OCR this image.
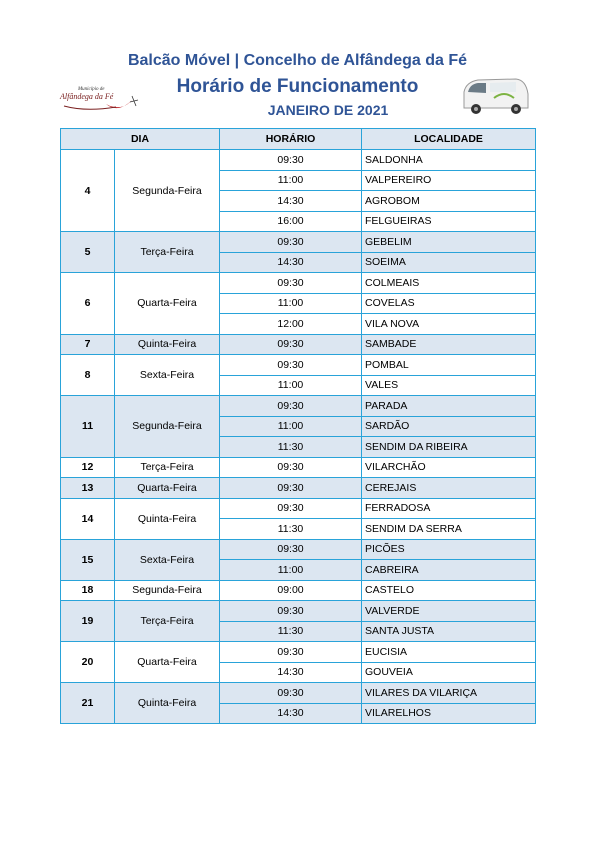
Balcão Móvel | Concelho de Alfândega da Fé
Município de
Alfândega da Fé	Horário de Funcionamento
JANEIRO DE 2021
DIA		HORÁRIO	LOCALIDADE
4	Segunda-Feira	09:30	SALDONHA
		11:00	VALPEREIRO
		14:30	AGROBOM
		16:00	FELGUEIRAS
5	Terça-Feira	09:30	GEBELIM
		14:30	SOEIMA
6	Quarta-Feira	09:30	COLMEAIS
		11:00	COVELAS
		12:00	VILA NOVA
7	Quinta-Feira	09:30	SAMBADE
8	Sexta-Feira	09:30	POMBAL
		11:00	VALES
11	Segunda-Feira	09:30	PARADA
		11:00	SARDÃO
		11:30	SENDIM DA RIBEIRA
12	Terça-Feira	09:30	VILARCHÃO
13	Quarta-Feira	09:30	CEREJAIS
14	Quinta-Feira	09:30	FERRADOSA
		11:30	SENDIM DA SERRA
15	Sexta-Feira	09:30	PICÕES
		11:00	CABREIRA
18	Segunda-Feira	09:00	CASTELO
19	Terça-Feira	09:30	VALVERDE
		11:30	SANTA JUSTA
20	Quarta-Feira	09:30	EUCISIA
		14:30	GOUVEIA
21	Quinta-Feira	09:30	VILARES DA VILARIÇA
		14:30	VILARELHOS
